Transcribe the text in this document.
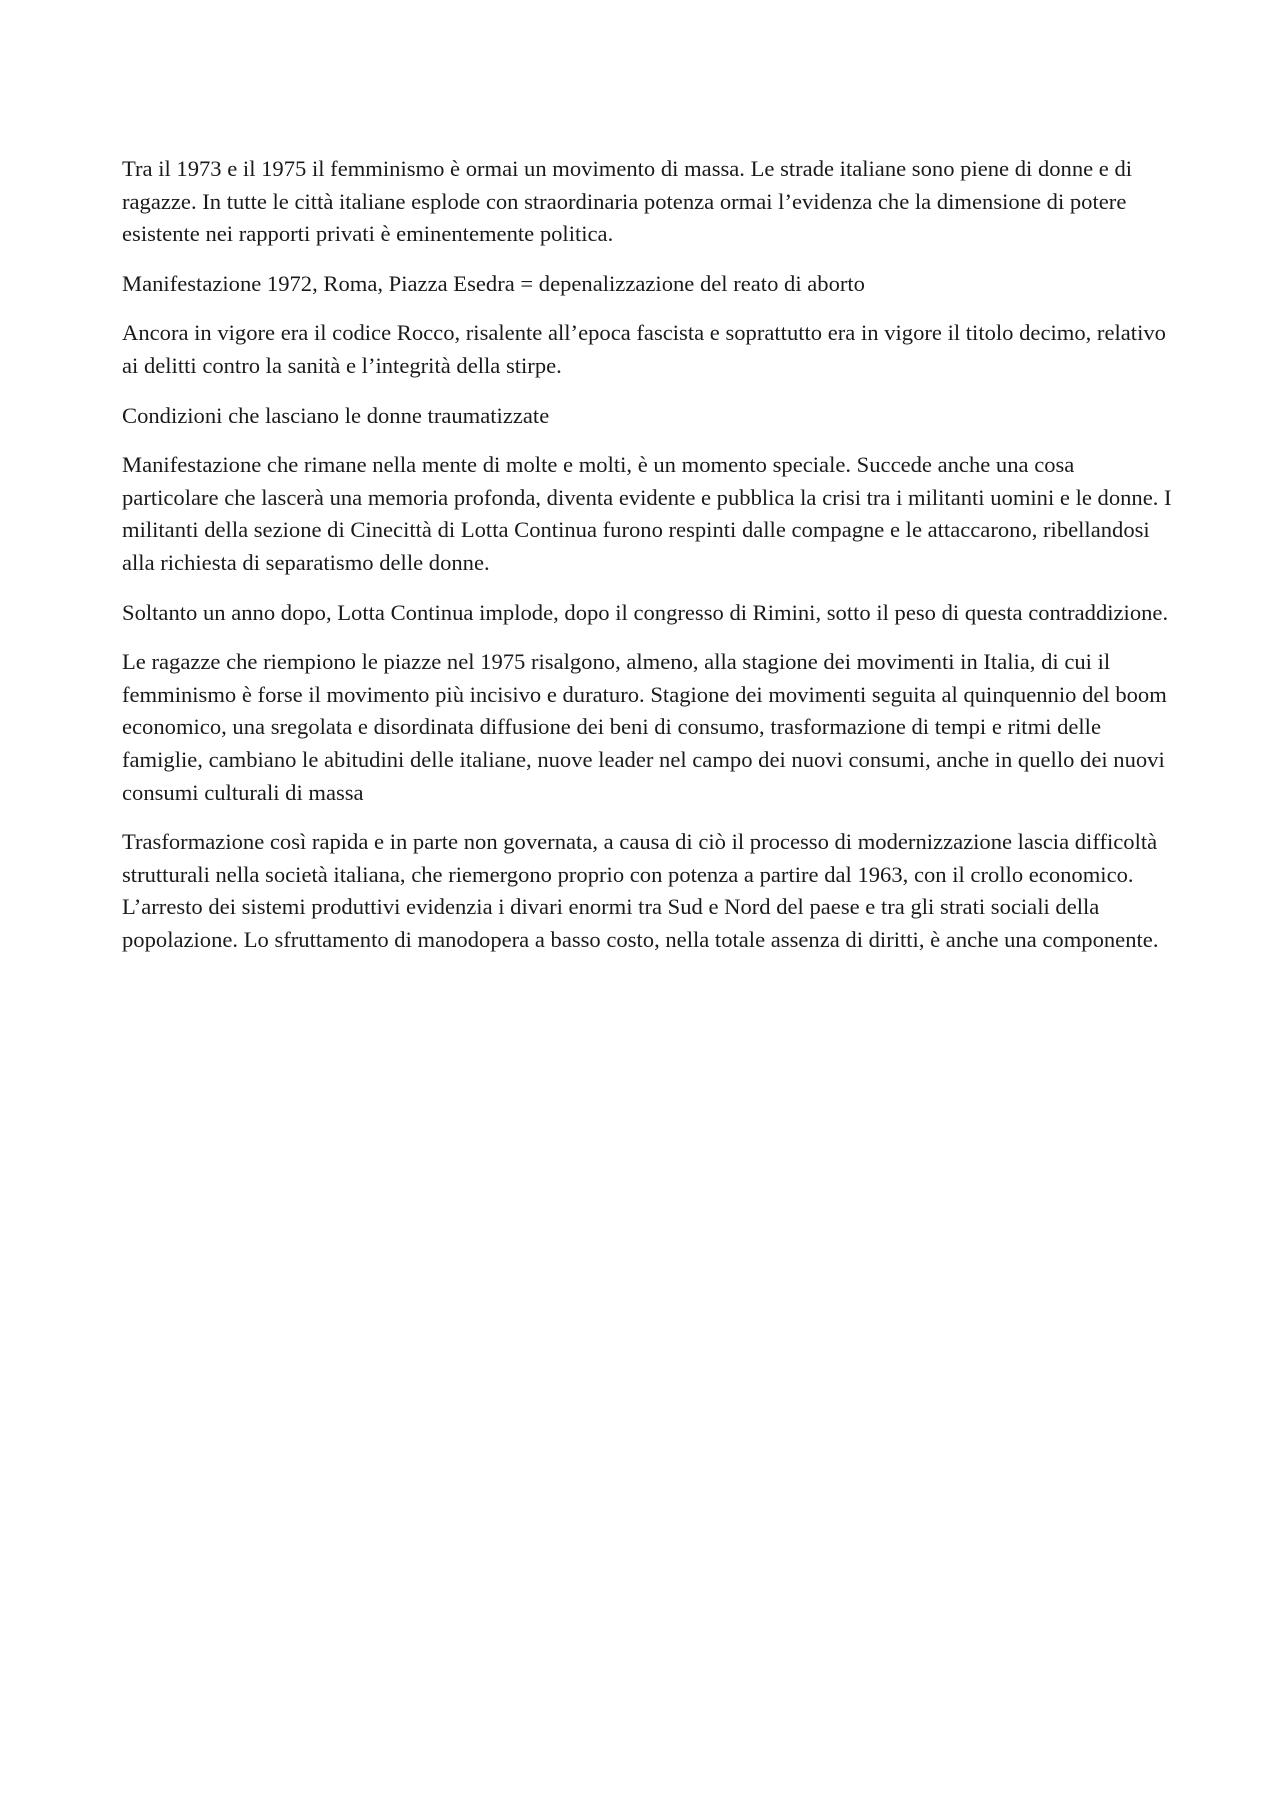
Tra il 1973 e il 1975 il femminismo è ormai un movimento di massa. Le strade italiane sono piene di donne e di ragazze. In tutte le città italiane esplode con straordinaria potenza ormai l’evidenza che la dimensione di potere esistente nei rapporti privati è eminentemente politica.

Manifestazione 1972, Roma, Piazza Esedra = depenalizzazione del reato di aborto

Ancora in vigore era il codice Rocco, risalente all’epoca fascista e soprattutto era in vigore il titolo decimo, relativo ai delitti contro la sanità e l’integrità della stirpe.

Condizioni che lasciano le donne traumatizzate

Manifestazione che rimane nella mente di molte e molti, è un momento speciale. Succede anche una cosa particolare che lascerà una memoria profonda, diventa evidente e pubblica la crisi tra i militanti uomini e le donne. I militanti della sezione di Cinecittà di Lotta Continua furono respinti dalle compagne e le attaccarono, ribellandosi alla richiesta di separatismo delle donne.

Soltanto un anno dopo, Lotta Continua implode, dopo il congresso di Rimini, sotto il peso di questa contraddizione.

Le ragazze che riempiono le piazze nel 1975 risalgono, almeno, alla stagione dei movimenti in Italia, di cui il femminismo è forse il movimento più incisivo e duraturo. Stagione dei movimenti seguita al quinquennio del boom economico, una sregolata e disordinata diffusione dei beni di consumo, trasformazione di tempi e ritmi delle famiglie, cambiano le abitudini delle italiane, nuove leader nel campo dei nuovi consumi, anche in quello dei nuovi consumi culturali di massa

Trasformazione così rapida e in parte non governata, a causa di ciò il processo di modernizzazione lascia difficoltà strutturali nella società italiana, che riemergono proprio con potenza a partire dal 1963, con il crollo economico. L’arresto dei sistemi produttivi evidenzia i divari enormi tra Sud e Nord del paese e tra gli strati sociali della popolazione. Lo sfruttamento di manodopera a basso costo, nella totale assenza di diritti, è anche una componente.
